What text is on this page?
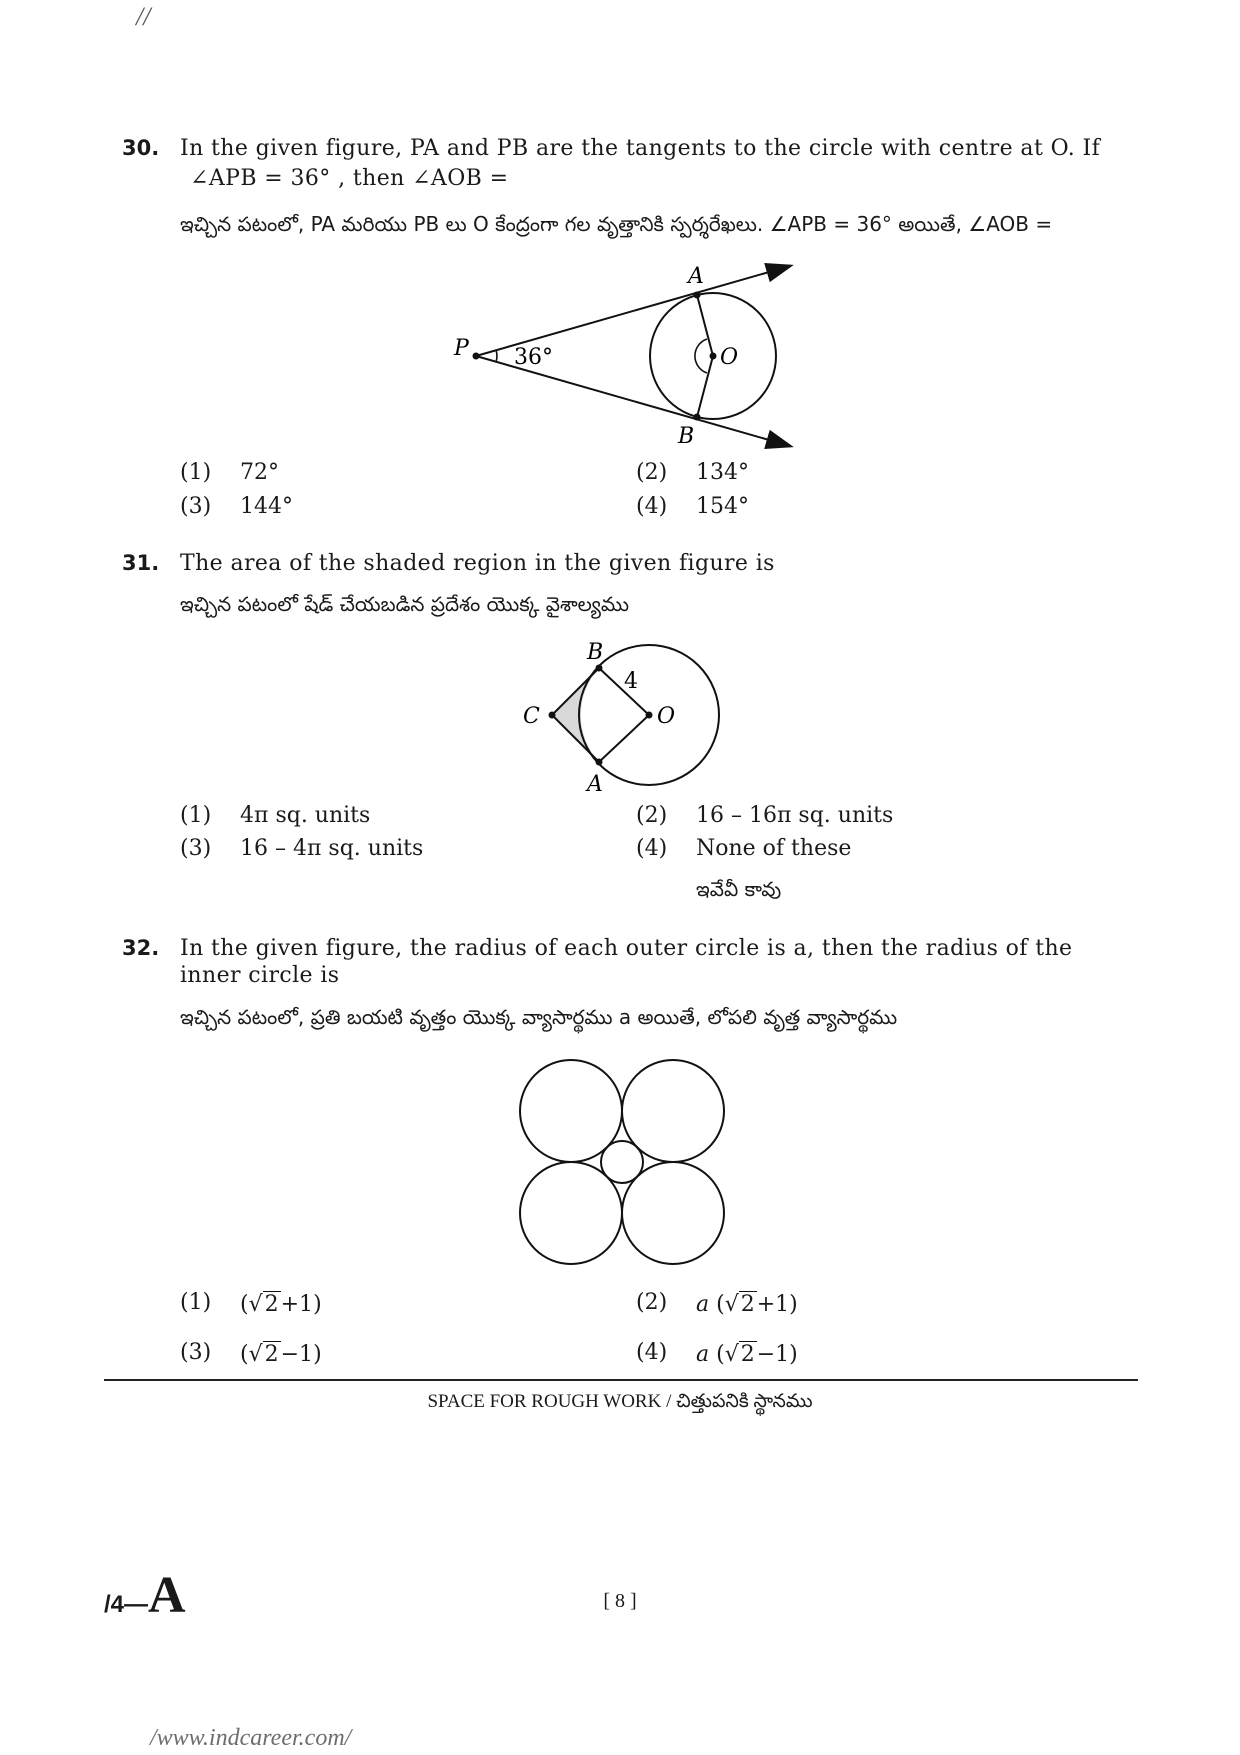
//
30. In the given figure, PA and PB are the tangents to the circle with centre at O. If
∠APB = 36° , then ∠AOB =
ఇచ్చిన పటంలో, PA మరియు PB లు O కేంద్రంగా గల వృత్తానికి స్పర్శరేఖలు. ∠APB = 36° అయితే, ∠AOB =
A
B
P	O
36°
(1) 72°	(2) 134°
(3) 144°	(4) 154°
31. The area of the shaded region in the given figure is
ఇచ్చిన పటంలో షేడ్ చేయబడిన ప్రదేశం యొక్క వైశాల్యము
B
A
C	O
4
(1) 4π sq. units	(2) 16 – 16π sq. units
(3) 16 – 4π sq. units	(4) None of these
ఇవేవీ కావు
32. In the given figure, the radius of each outer circle is a, then the radius of the
inner circle is
ఇచ్చిన పటంలో, ప్రతి బయటి వృత్తం యొక్క వ్యాసార్థము a అయితే, లోపలి వృత్త వ్యాసార్థము
(1) (√2+1)	(2) a (√2+1)
(3) (√2−1)	(4) a (√2−1)
SPACE FOR ROUGH WORK / చిత్తుపనికి స్థానము
/4—A	[ 8 ]
/www.indcareer.com/
